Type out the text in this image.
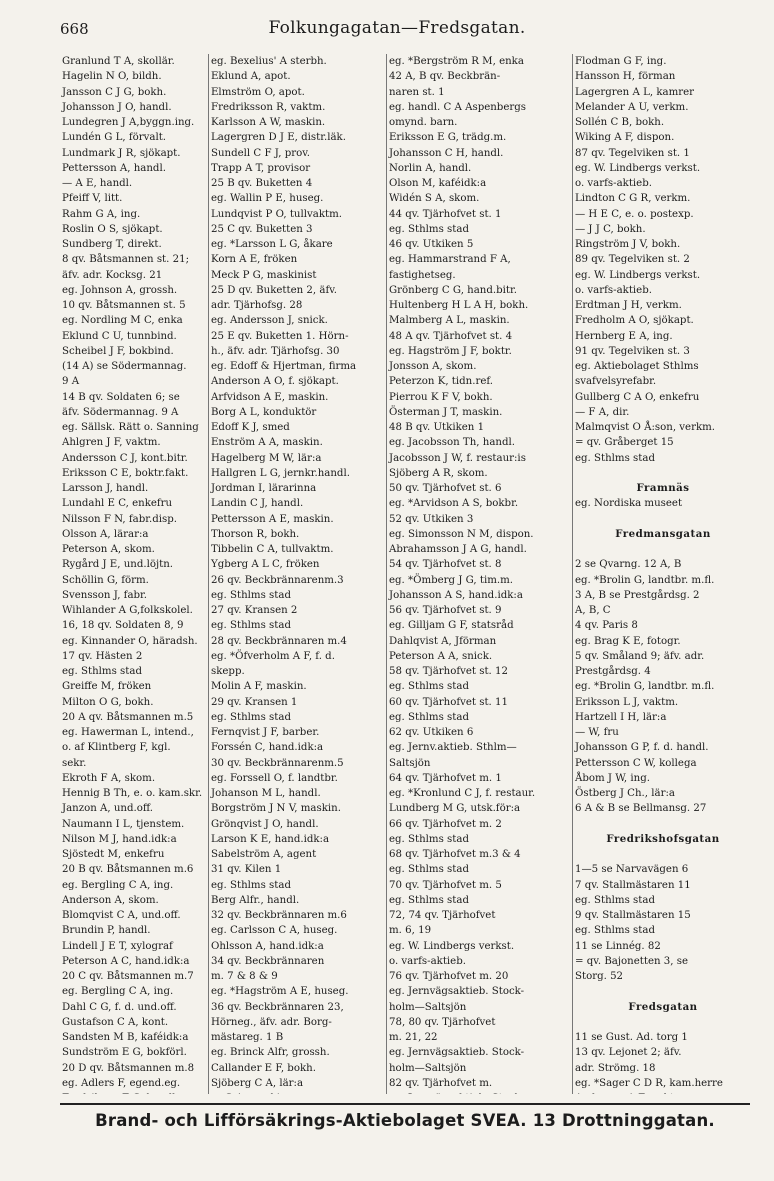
668	Folkungagatan—Fredsgatan.
Granlund T A, skollär.
Hagelin N O, bildh.
Jansson C J G, bokh.
Johansson J O, handl.
Lundegren J A,byggn.ing.
Lundén G L, förvalt.
Lundmark J R, sjökapt.
Pettersson A, handl.
— A E, handl.
Pfeiff V, litt.
Rahm G A, ing.
Roslin O S, sjökapt.
Sundberg T, direkt.
8 qv. Båtsmannen st. 21;
äfv. adr. Kocksg. 21
eg. Johnson A, grossh.
10 qv. Båtsmannen st. 5
eg. Nordling M C, enka
Eklund C U, tunnbind.
Scheibel J F, bokbind.
(14 A) se Södermannag.
9 A
14 B qv. Soldaten 6; se
äfv. Södermannag. 9 A
eg. Sällsk. Rätt o. Sanning
Ahlgren J F, vaktm.
Andersson C J, kont.bitr.
Eriksson C E, boktr.fakt.
Larsson J, handl.
Lundahl E C, enkefru
Nilsson F N, fabr.disp.
Olsson A, lärar:a
Peterson A, skom.
Rygård J E, und.löjtn.
Schöllin G, förm.
Svensson J, fabr.
Wihlander A G,folkskolel.
16, 18 qv. Soldaten 8, 9
eg. Kinnander O, häradsh.
17 qv. Hästen 2
eg. Sthlms stad
Greiffe M, fröken
Milton O G, bokh.
20 A qv. Båtsmannen m.5
eg. Hawerman L, intend.,
o. af Klintberg F, kgl.
sekr.
Ekroth F A, skom.
Hennig B Th, e. o. kam.skr.
Janzon A, und.off.
Naumann I L, tjenstem.
Nilson M J, hand.idk:a
Sjöstedt M, enkefru
20 B qv. Båtsmannen m.6
eg. Bergling C A, ing.
Anderson A, skom.
Blomqvist C A, und.off.
Brundin P, handl.
Lindell J E T, xylograf
Peterson A C, hand.idk:a
20 C qv. Båtsmannen m.7
eg. Bergling C A, ing.
Dahl C G, f. d. und.off.
Gustafson C A, kont.
Sandsten M B, kaféidk:a
Sundström E G, bokförl.
20 D qv. Båtsmannen m.8
eg. Adlers F, egend.eg.
eg. Bexelius' A sterbh.
Eklund A, apot.
Elmström O, apot.
Fredriksson R, vaktm.
Karlsson A W, maskin.
Lagergren D J E, distr.läk.
Sundell C F J, prov.
Trapp A T, provisor
25 B qv. Buketten 4
eg. Wallin P E, huseg.
Lundqvist P O, tullvaktm.
25 C qv. Buketten 3
eg. *Larsson L G, åkare
Korn A E, fröken
Meck P G, maskinist
25 D qv. Buketten 2, äfv.
adr. Tjärhofsg. 28
eg. Andersson J, snick.
25 E qv. Buketten 1. Hörn-
h., äfv. adr. Tjärhofsg. 30
eg. Edoff & Hjertman, firma
Anderson A O, f. sjökapt.
Arfvidson A E, maskin.
Borg A L, konduktör
Edoff K J, smed
Enström A A, maskin.
Hagelberg M W, lär:a
Hallgren L G, jernkr.handl.
Jordman I, lärarinna
Landin C J, handl.
Pettersson A E, maskin.
Thorson R, bokh.
Tibbelin C A, tullvaktm.
Ygberg A L C, fröken
26 qv. Beckbrännarenm.3
eg. Sthlms stad
27 qv. Kransen 2
eg. Sthlms stad
28 qv. Beckbrännaren m.4
eg. *Öfverholm A F, f. d.
skepp.
Molin A F, maskin.
29 qv. Kransen 1
eg. Sthlms stad
Fernqvist J F, barber.
Forssén C, hand.idk:a
30 qv. Beckbrännarenm.5
eg. Forssell O, f. landtbr.
Johanson M L, handl.
Borgström J N V, maskin.
Grönqvist J O, handl.
Larson K E, hand.idk:a
Sabelström A, agent
31 qv. Kilen 1
eg. Sthlms stad
Berg Alfr., handl.
32 qv. Beckbrännaren m.6
eg. Carlsson C A, huseg.
Ohlsson A, hand.idk:a
34 qv. Beckbrännaren
m. 7 & 8 & 9
eg. *Hagström A E, huseg.
36 qv. Beckbrännaren 23,
Hörneg., äfv. adr. Borg-
mästareg. 1 B
eg. Brinck Alfr, grossh.
Callander E F, bokh.
Sjöberg C A, lär:a
eg. *Bergström R M, enka
42 A, B qv. Beckbrän-
naren st. 1
eg. handl. C A Aspenbergs
omynd. barn.
Eriksson E G, trädg.m.
Johansson C H, handl.
Norlin A, handl.
Olson M, kaféidk:a
Widén S A, skom.
44 qv. Tjärhofvet st. 1
eg. Sthlms stad
46 qv. Utkiken 5
eg. Hammarstrand F A,
fastighetseg.
Grönberg C G, hand.bitr.
Hultenberg H L A H, bokh.
Malmberg A L, maskin.
48 A qv. Tjärhofvet st. 4
eg. Hagström J F, boktr.
Jonsson A, skom.
Peterzon K, tidn.ref.
Pierrou K F V, bokh.
Österman J T, maskin.
48 B qv. Utkiken 1
eg. Jacobsson Th, handl.
Jacobsson J W, f. restaur:is
Sjöberg A R, skom.
50 qv. Tjärhofvet st. 6
eg. *Arvidson A S, bokbr.
52 qv. Utkiken 3
eg. Simonsson N M, dispon.
Abrahamsson J A G, handl.
54 qv. Tjärhofvet st. 8
eg. *Ömberg J G, tim.m.
Johansson A S, hand.idk:a
56 qv. Tjärhofvet st. 9
eg. Gilljam G F, statsråd
Dahlqvist A, Jförman
Peterson A A, snick.
58 qv. Tjärhofvet st. 12
eg. Sthlms stad
60 qv. Tjärhofvet st. 11
eg. Sthlms stad
62 qv. Utkiken 6
eg. Jernv.aktieb. Sthlm—
Saltsjön
64 qv. Tjärhofvet m. 1
eg. *Kronlund C J, f. restaur.
Lundberg M G, utsk.för:a
66 qv. Tjärhofvet m. 2
eg. Sthlms stad
68 qv. Tjärhofvet m.3 & 4
eg. Sthlms stad
70 qv. Tjärhofvet m. 5
eg. Sthlms stad
72, 74 qv. Tjärhofvet
m. 6, 19
eg. W. Lindbergs verkst.
o. varfs-aktieb.
76 qv. Tjärhofvet m. 20
eg. Jernvägsaktieb. Stock-
holm—Saltsjön
78, 80 qv. Tjärhofvet
m. 21, 22
eg. Jernvägsaktieb. Stock-
holm—Saltsjön
82 qv. Tjärhofvet m.
Flodman G F, ing.
Hansson H, förman
Lagergren A L, kamrer
Melander A U, verkm.
Sollén C B, bokh.
Wiking A F, dispon.
87 qv. Tegelviken st. 1
eg. W. Lindbergs verkst.
o. varfs-aktieb.
Lindton C G R, verkm.
— H E C, e. o. postexp.
— J J C, bokh.
Ringström J V, bokh.
89 qv. Tegelviken st. 2
eg. W. Lindbergs verkst.
o. varfs-aktieb.
Erdtman J H, verkm.
Fredholm A O, sjökapt.
Hernberg E A, ing.
91 qv. Tegelviken st. 3
eg. Aktiebolaget Sthlms
svafvelsyrefabr.
Gullberg C A O, enkefru
— F A, dir.
Malmqvist O Å:son, verkm.
= qv. Gråberget 15
eg. Sthlms stad
Framnäs
eg. Nordiska museet
Fredmansgatan
2 se Qvarng. 12 A, B
eg. *Brolin G, landtbr. m.fl.
3 A, B se Prestgårdsg. 2
A, B, C
4 qv. Paris 8
eg. Brag K E, fotogr.
5 qv. Småland 9; äfv. adr.
Prestgårdsg. 4
eg. *Brolin G, landtbr. m.fl.
Eriksson L J, vaktm.
Hartzell I H, lär:a
— W, fru
Johansson G P, f. d. handl.
Pettersson C W, kollega
Åbom J W, ing.
Östberg J Ch., lär:a
6 A & B se Bellmansg. 27
Fredrikshofsgatan
1—5 se Narvavägen 6
7 qv. Stallmästaren 11
eg. Sthlms stad
9 qv. Stallmästaren 15
eg. Sthlms stad
11 se Linnég. 82
= qv. Bajonetten 3, se
Storg. 52
Fredsgatan
11 se Gust. Ad. torg 1
13 qv. Lejonet 2; äfv.
adr. Strömg. 18
eg. *Sager C D R, kam.herre
Brand- och Lifförsäkrings-Aktiebolaget SVEA. 13 Drottninggatan.
